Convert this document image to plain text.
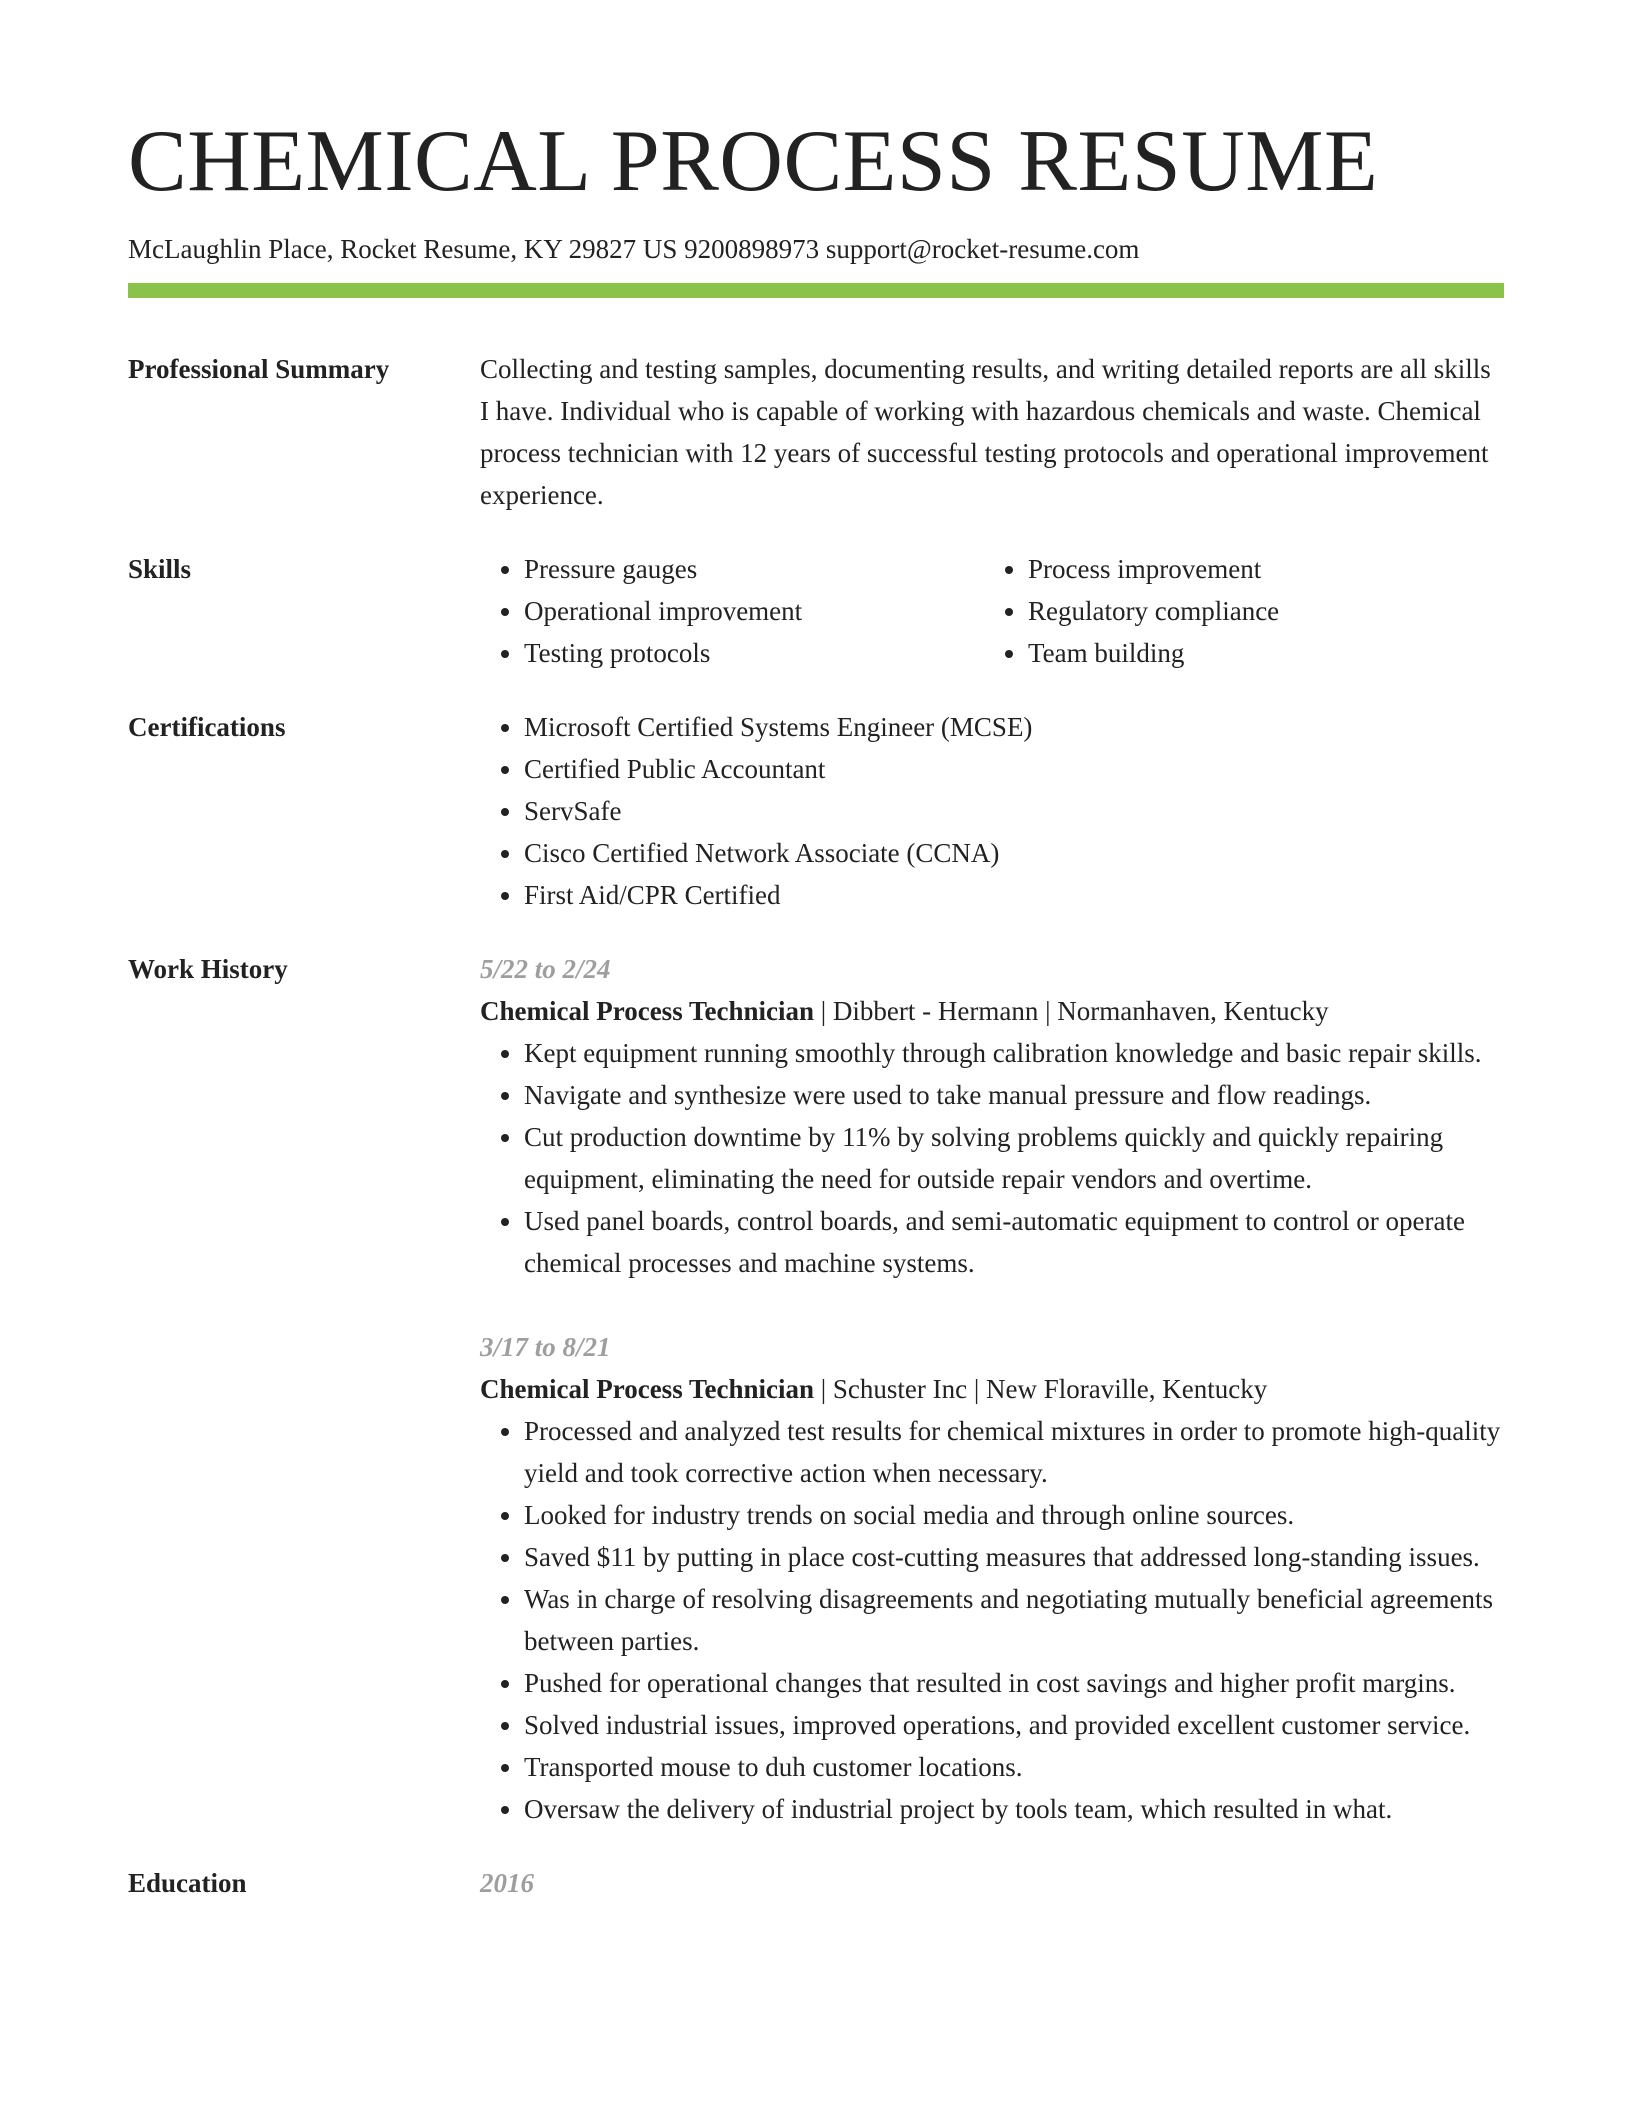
CHEMICAL PROCESS RESUME
McLaughlin Place, Rocket Resume, KY 29827 US 9200898973 support@rocket-resume.com
Professional Summary	Collecting and testing samples, documenting results, and writing detailed reports are all skills I have. Individual who is capable of working with hazardous chemicals and waste. Chemical process technician with 12 years of successful testing protocols and operational improvement experience.

Skills	• Pressure gauges
• Operational improvement
• Testing protocols
• Process improvement
• Regulatory compliance
• Team building
Certifications	• Microsoft Certified Systems Engineer (MCSE)
• Certified Public Accountant
• ServSafe
• Cisco Certified Network Associate (CCNA)
• First Aid/CPR Certified
Work History	5/22 to 2/24
Chemical Process Technician | Dibbert - Hermann | Normanhaven, Kentucky
• Kept equipment running smoothly through calibration knowledge and basic repair skills.
• Navigate and synthesize were used to take manual pressure and flow readings.
• Cut production downtime by 11% by solving problems quickly and quickly repairing equipment, eliminating the need for outside repair vendors and overtime.
• Used panel boards, control boards, and semi-automatic equipment to control or operate chemical processes and machine systems.
3/17 to 8/21
Chemical Process Technician | Schuster Inc | New Floraville, Kentucky
• Processed and analyzed test results for chemical mixtures in order to promote high-quality yield and took corrective action when necessary.
• Looked for industry trends on social media and through online sources.
• Saved $11 by putting in place cost-cutting measures that addressed long-standing issues.
• Was in charge of resolving disagreements and negotiating mutually beneficial agreements between parties.
• Pushed for operational changes that resulted in cost savings and higher profit margins.
• Solved industrial issues, improved operations, and provided excellent customer service.
• Transported mouse to duh customer locations.
• Oversaw the delivery of industrial project by tools team, which resulted in what.
Education	2016
